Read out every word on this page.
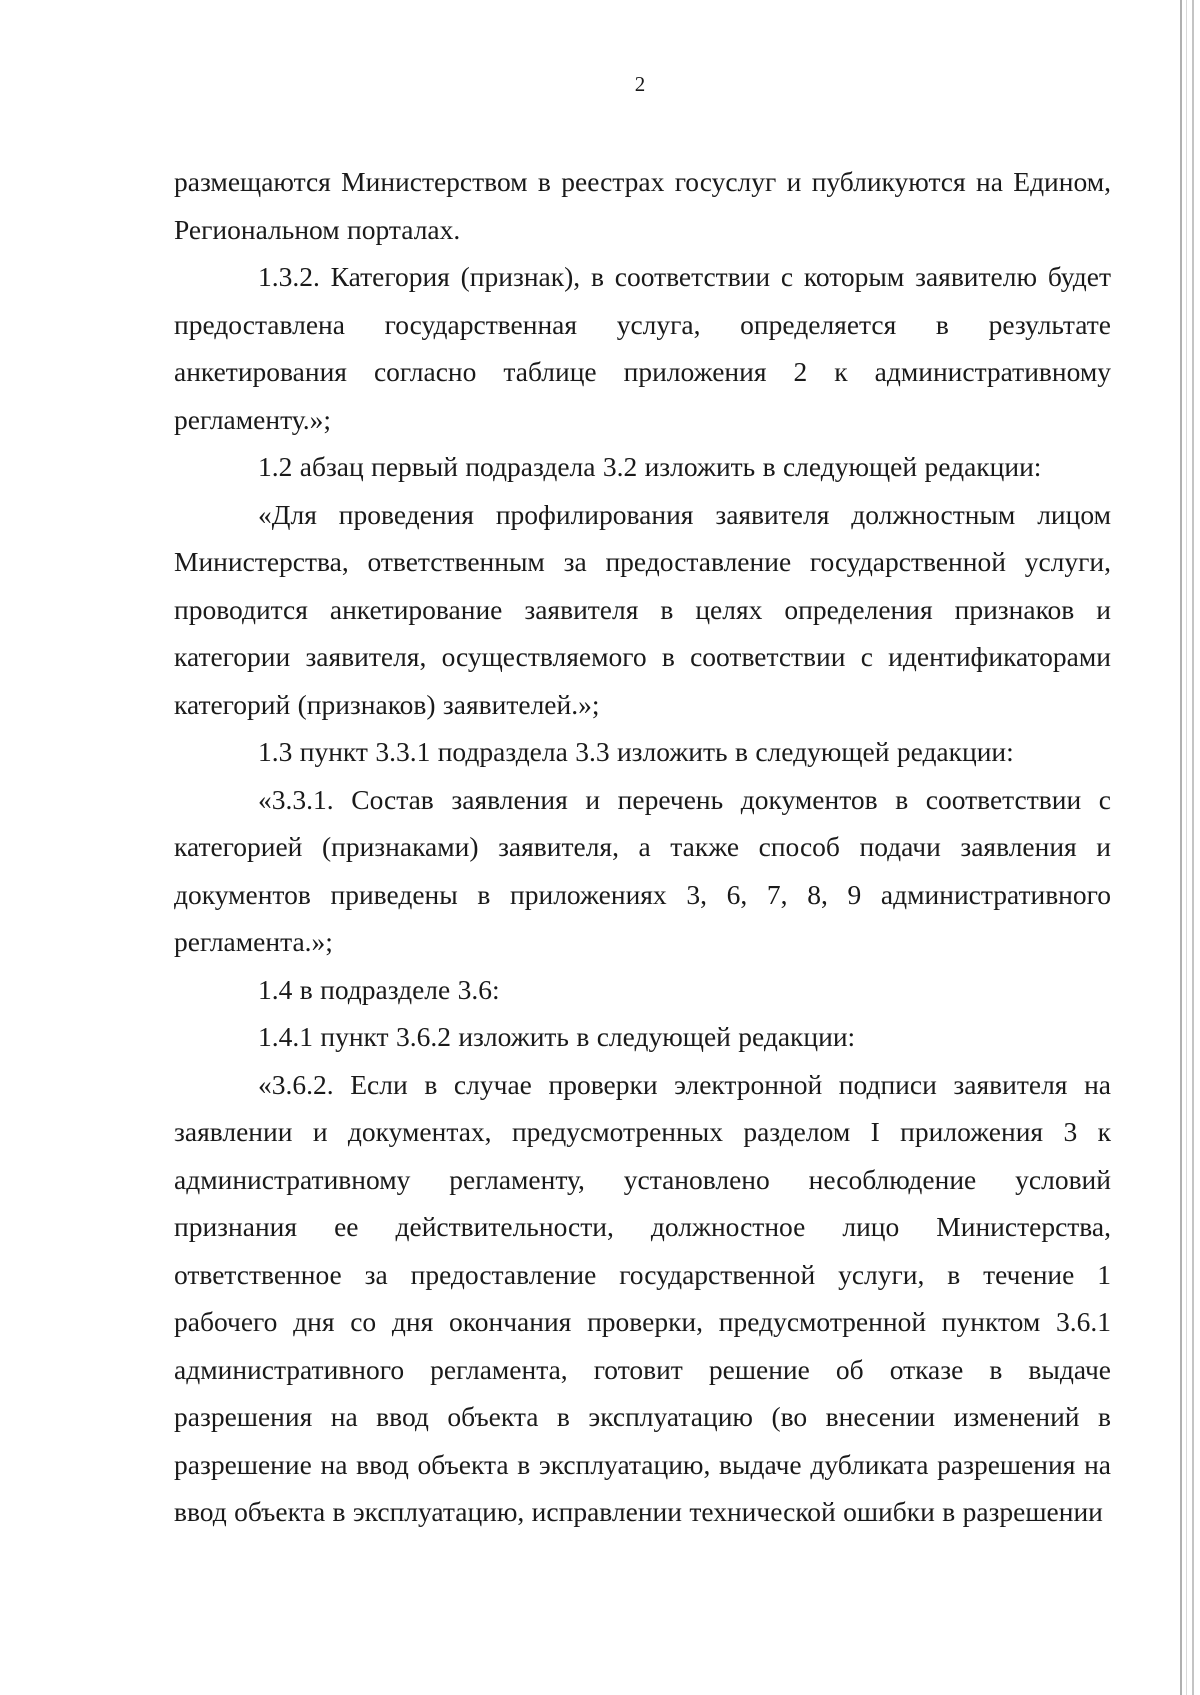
2

размещаются Министерством в реестрах госуслуг и публикуются на Едином, Региональном порталах.

1.3.2. Категория (признак), в соответствии с которым заявителю будет предоставлена государственная услуга, определяется в результате анкетирования согласно таблице приложения 2 к административному регламенту.»;

1.2 абзац первый подраздела 3.2 изложить в следующей редакции:

«Для проведения профилирования заявителя должностным лицом Министерства, ответственным за предоставление государственной услуги, проводится анкетирование заявителя в целях определения признаков и категории заявителя, осуществляемого в соответствии с идентификаторами категорий (признаков) заявителей.»;

1.3 пункт 3.3.1 подраздела 3.3 изложить в следующей редакции:

«3.3.1. Состав заявления и перечень документов в соответствии с категорией (признаками) заявителя, а также способ подачи заявления и документов приведены в приложениях 3, 6, 7, 8, 9 административного регламента.»;

1.4 в подразделе 3.6:

1.4.1 пункт 3.6.2 изложить в следующей редакции:

«3.6.2. Если в случае проверки электронной подписи заявителя на заявлении и документах, предусмотренных разделом I приложения 3 к административному регламенту, установлено несоблюдение условий признания ее действительности, должностное лицо Министерства, ответственное за предоставление государственной услуги, в течение 1 рабочего дня со дня окончания проверки, предусмотренной пунктом 3.6.1 административного регламента, готовит решение об отказе в выдаче разрешения на ввод объекта в эксплуатацию (во внесении изменений в разрешение на ввод объекта в эксплуатацию, выдаче дубликата разрешения на ввод объекта в эксплуатацию, исправлении технической ошибки в разрешении
